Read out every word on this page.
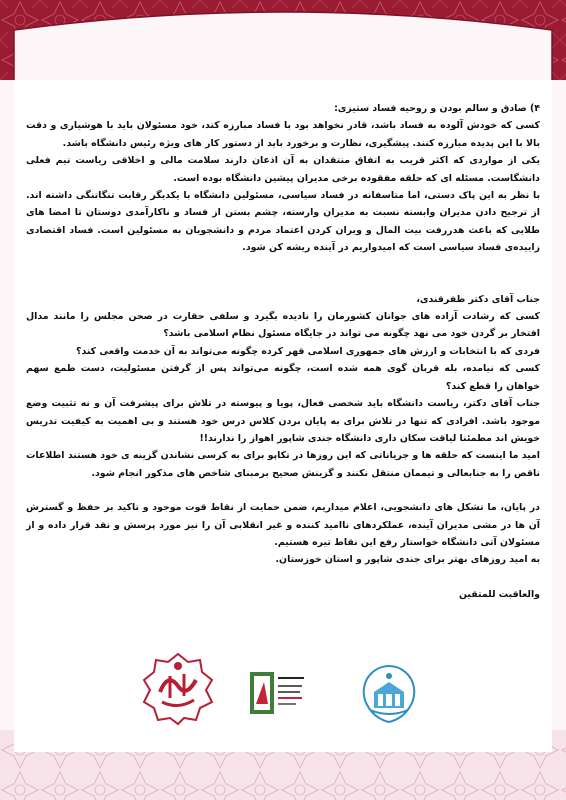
۴) صادق و سالم بودن و روحیه فساد ستیزی:

کسی که خودش آلوده به فساد باشد، قادر نخواهد بود با فساد مبارزه کند، خود مسئولان باید با هوشیاری و دقت بالا با این پدیده مبارزه کنند. پیشگیری، نظارت و برخورد باید از دستور کار های ویژه رئیس دانشگاه باشد.

یکی از مواردی که اکثر قریب به اتفاق منتقدان به آن اذعان دارند سلامت مالی و اخلاقی ریاست تیم فعلی دانشگاست. مسئله ای که حلقه مفقوده برخی مدیران پیشین دانشگاه بوده است.

با نظر به این پاک دستی، اما متاسفانه در فساد سیاسی، مسئولین دانشگاه با یکدیگر رقابت تنگاتنگی داشته اند. از ترجیح دادن مدیران وابسته نسبت به مدیران وارسته، چشم بستن از فساد و ناکارآمدی دوستان تا امضا های طلایی که باعث هدررفت بیت المال و ویران کردن اعتماد مردم و دانشجویان به مسئولین است. فساد اقتصادی زاییده‌ی فساد سیاسی است که امیدواریم در آینده ریشه کن شود.

جناب آقای دکتر ظفرقندی،

کسی که رشادت آزاده های جوانان کشورمان را نادیده بگیرد و سلفی حقارت در صحن مجلس را مانند مدال افتخار بر گردن خود می نهد چگونه می تواند در جایگاه مسئول نظام اسلامی باشد؟

فردی که با انتخابات و ارزش های جمهوری اسلامی قهر کرده چگونه می‌تواند به آن خدمت واقعی کند؟

کسی که نیامده، بله قربان گوی همه شده است، چگونه می‌تواند پس از گرفتن مسئولیت، دست طمع سهم خواهان را قطع کند؟

جناب آقای دکتر، ریاست دانشگاه باید شخصی فعال، پویا و پیوسته در تلاش برای پیشرفت آن و نه تثبیت وضع موجود باشد. افرادی که تنها در تلاش برای به پایان بردن کلاس درس خود هستند و بی اهمیت به کیفیت تدریس خویش اند مطمئنا لیاقت سکان داری دانشگاه جندی شاپور اهواز را ندارند!!

امید ما اینست که حلقه ها و جریاناتی که این روزها در تکاپو برای به کرسی نشاندن گزینه ی خود هستند اطلاعات ناقص را به جنابعالی و تیممان منتقل نکنند و گزینش صحیح برمبنای شاخص های مذکور انجام شود.

در پایان، ما تشکل های دانشجویی، اعلام میداریم، ضمن حمایت از نقاط قوت موجود و تاکید بر حفظ و گسترش آن ها در مشی مدیران آینده، عملکردهای ناامید کننده و غیر انقلابی آن را نیز مورد پرسش و نقد قرار داده و از مسئولان آتی دانشگاه خواستار رفع این نقاط تیره هستیم.

به امید روزهای بهتر برای جندی شاپور و استان خوزستان.

والعاقبت للمتقین
